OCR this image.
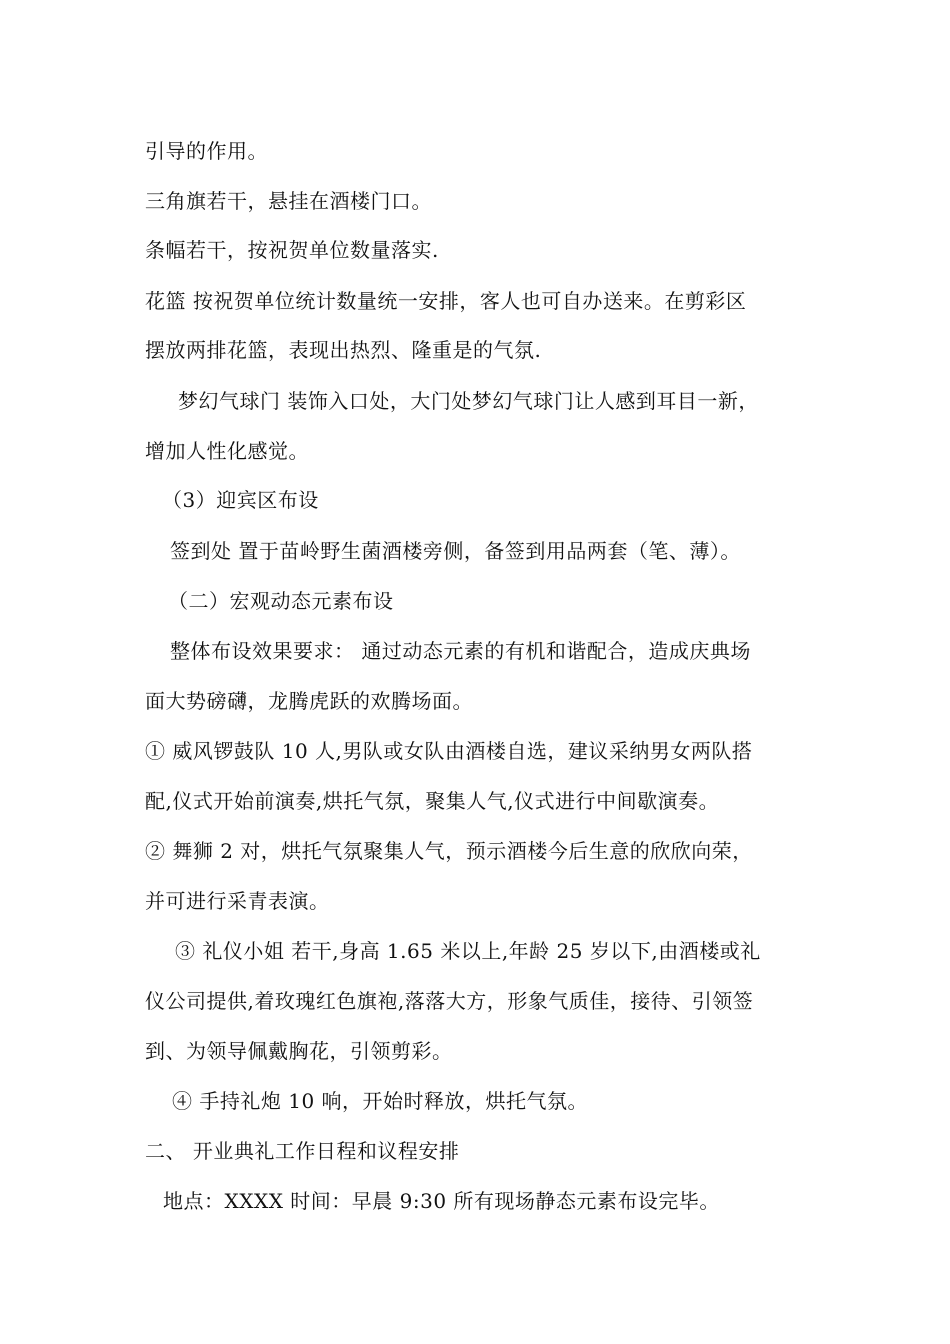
引导的作用。
三角旗若干，悬挂在酒楼门口。
条幅若干，按祝贺单位数量落实.
花篮 按祝贺单位统计数量统一安排，客人也可自办送来。在剪彩区
摆放两排花篮，表现出热烈、隆重是的气氛.
梦幻气球门 装饰入口处，大门处梦幻气球门让人感到耳目一新，
增加人性化感觉。
（3）迎宾区布设
签到处 置于苗岭野生菌酒楼旁侧，备签到用品两套（笔、薄）。
（二）宏观动态元素布设
整体布设效果要求： 通过动态元素的有机和谐配合，造成庆典场
面大势磅礴，龙腾虎跃的欢腾场面。
① 威风锣鼓队 10 人,男队或女队由酒楼自选，建议采纳男女两队搭
配,仪式开始前演奏,烘托气氛，聚集人气,仪式进行中间歇演奏。
② 舞狮 2 对，烘托气氛聚集人气，预示酒楼今后生意的欣欣向荣，
并可进行采青表演。
③ 礼仪小姐 若干,身高 1.65 米以上,年龄 25 岁以下,由酒楼或礼
仪公司提供,着玫瑰红色旗袍,落落大方，形象气质佳，接待、引领签
到、为领导佩戴胸花，引领剪彩。
④ 手持礼炮 10 响，开始时释放，烘托气氛。
二、 开业典礼工作日程和议程安排
地点：XXXX 时间：早晨 9:30 所有现场静态元素布设完毕。
